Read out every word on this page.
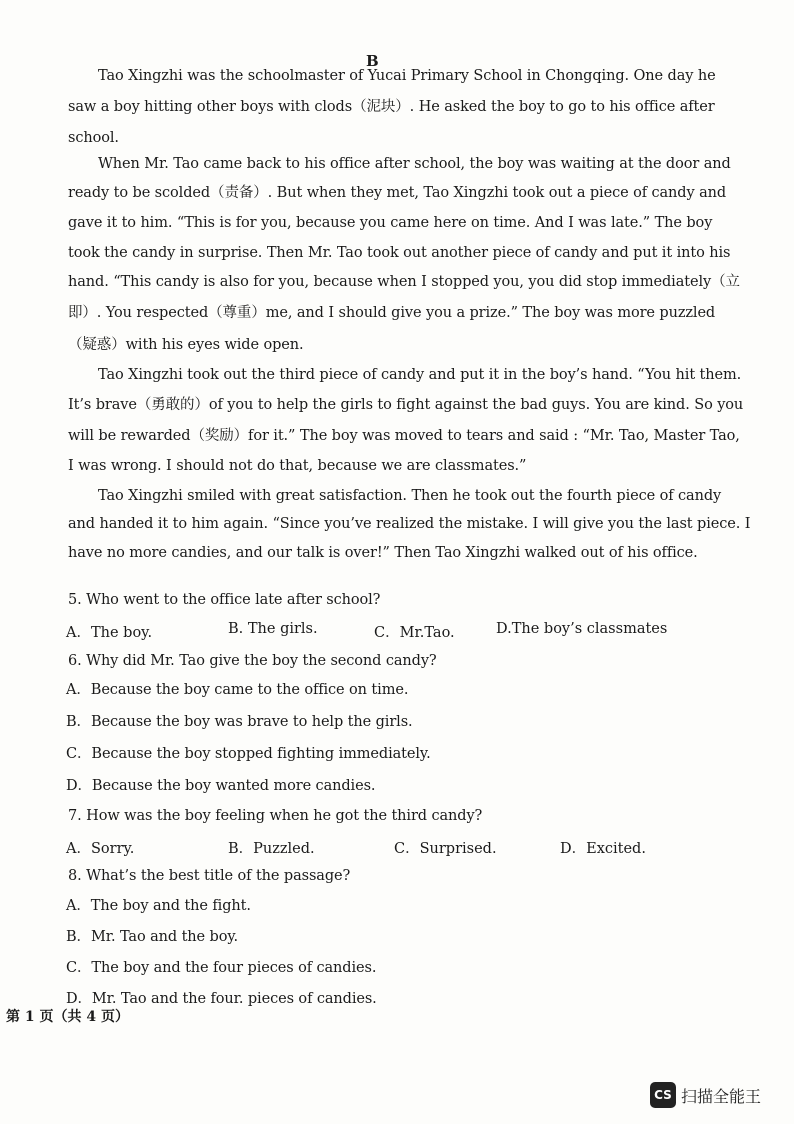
B
Tao Xingzhi was the schoolmaster of Yucai Primary School in Chongqing. One day he
saw a boy hitting other boys with clods（泥块）. He asked the boy to go to his office after
school.
When Mr. Tao came back to his office after school, the boy was waiting at the door and
ready to be scolded（责备）. But when they met, Tao Xingzhi took out a piece of candy and
gave it to him. “This is for you, because you came here on time. And I was late.” The boy
took the candy in surprise. Then Mr. Tao took out another piece of candy and put it into his
hand. “This candy is also for you, because when I stopped you, you did stop immediately（立
即）. You respected（尊重）me, and I should give you a prize.” The boy was more puzzled
（疑惑）with his eyes wide open.
Tao Xingzhi took out the third piece of candy and put it in the boy’s hand. “You hit them.
It’s brave（勇敢的）of you to help the girls to fight against the bad guys. You are kind. So you
will be rewarded（奖励）for it.” The boy was moved to tears and said : “Mr. Tao, Master Tao,
I was wrong. I should not do that, because we are classmates.”
Tao Xingzhi smiled with great satisfaction. Then he took out the fourth piece of candy
and handed it to him again. “Since you’ve realized the mistake. I will give you the last piece. I
have no more candies, and our talk is over!” Then Tao Xingzhi walked out of his office.
5. Who went to the office late after school?
A．The boy.	B. The girls.	C．Mr.Tao.	D.The boy’s classmates
6. Why did Mr. Tao give the boy the second candy?
A．Because the boy came to the office on time.
B．Because the boy was brave to help the girls.
C．Because the boy stopped fighting immediately.
D．Because the boy wanted more candies.
7. How was the boy feeling when he got the third candy?
A．Sorry.	B．Puzzled.	C．Surprised.	D．Excited.
8. What’s the best title of the passage?
A．The boy and the fight.
B．Mr. Tao and the boy.
C．The boy and the four pieces of candies.
D．Mr. Tao and the four. pieces of candies.
第 1 页（共 4 页）
CS 扫描全能王
